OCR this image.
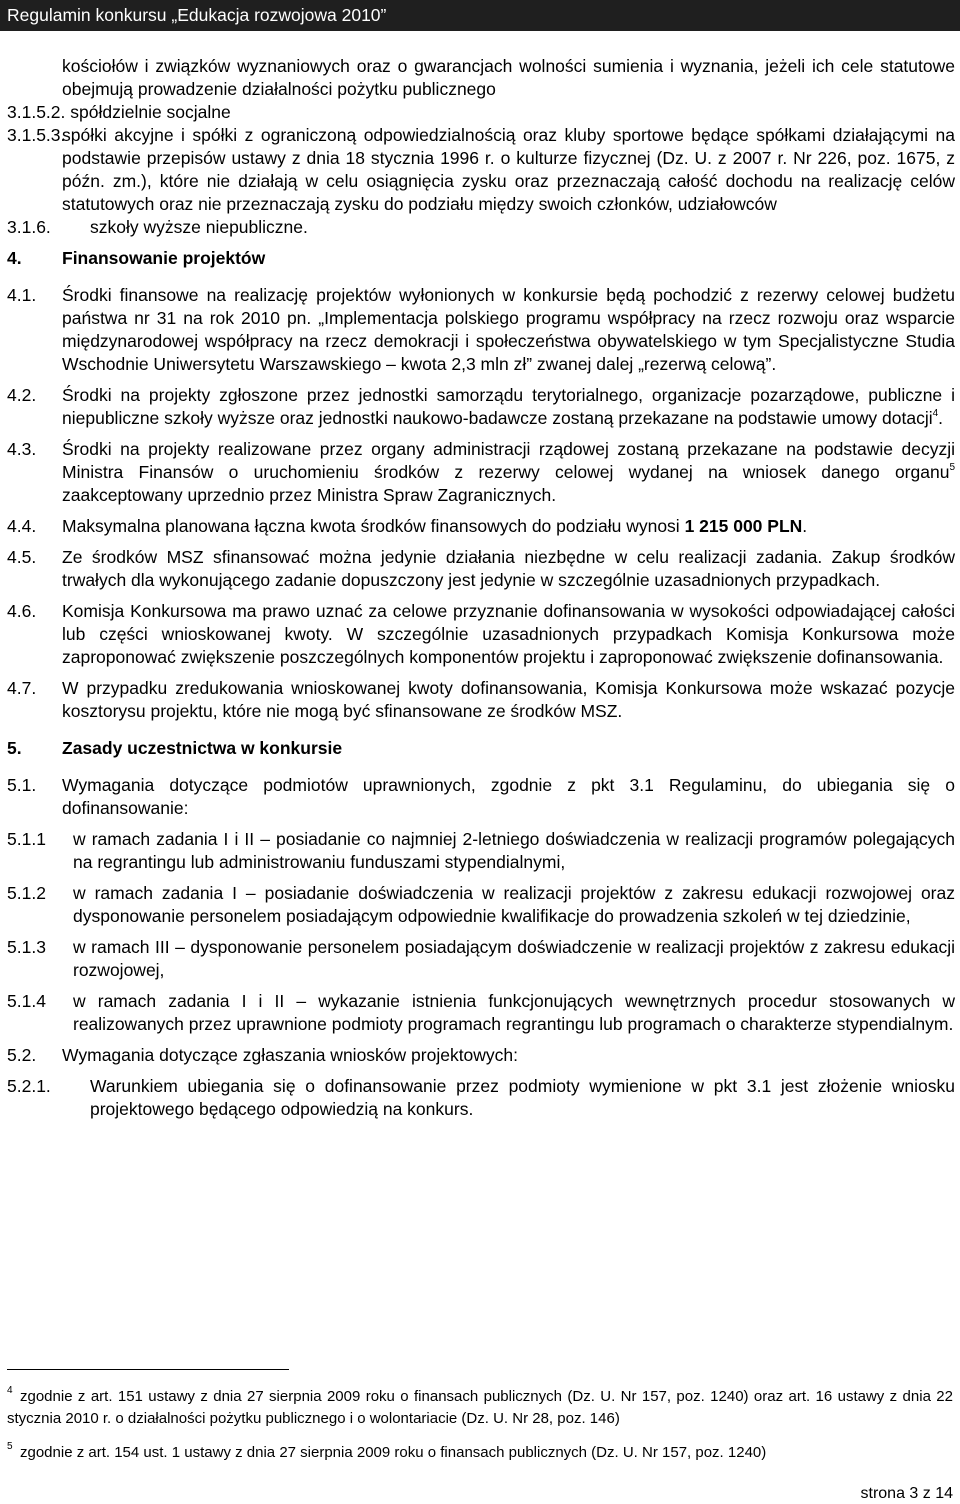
Regulamin konkursu „Edukacja rozwojowa 2010”
kościołów i związków wyznaniowych oraz o gwarancjach wolności sumienia i wyznania, jeżeli ich cele statutowe obejmują prowadzenie działalności pożytku publicznego
3.1.5.2. spółdzielnie socjalne
3.1.5.3.
spółki akcyjne i spółki z ograniczoną odpowiedzialnością oraz kluby sportowe będące spółkami działającymi na podstawie przepisów ustawy z dnia 18 stycznia 1996 r. o kulturze fizycznej (Dz. U. z 2007 r. Nr 226, poz. 1675, z późn. zm.), które nie działają w celu osiągnięcia zysku oraz przeznaczają całość dochodu na realizację celów statutowych oraz nie przeznaczają zysku do podziału między swoich członków, udziałowców
3.1.6.	szkoły wyższe niepubliczne.
4.	Finansowanie projektów
4.1.	Środki finansowe na realizację projektów wyłonionych w konkursie będą pochodzić z rezerwy celowej budżetu państwa nr 31 na rok 2010 pn. „Implementacja polskiego programu współpracy na rzecz rozwoju oraz wsparcie międzynarodowej współpracy na rzecz demokracji i społeczeństwa obywatelskiego w tym Specjalistyczne Studia Wschodnie Uniwersytetu Warszawskiego – kwota 2,3 mln zł” zwanej dalej „rezerwą celową”.
4.2.	Środki na projekty zgłoszone przez jednostki samorządu terytorialnego, organizacje pozarządowe, publiczne i niepubliczne szkoły wyższe oraz jednostki naukowo-badawcze zostaną przekazane na podstawie umowy dotacji$^4$.
4.3.	Środki na projekty realizowane przez organy administracji rządowej zostaną przekazane na podstawie decyzji Ministra Finansów o uruchomieniu środków z rezerwy celowej wydanej na wniosek danego organu$^5$ zaakceptowany uprzednio przez Ministra Spraw Zagranicznych.
4.4.	Maksymalna planowana łączna kwota środków finansowych do podziału wynosi 1 215 000 PLN.
4.5.	Ze środków MSZ sfinansować można jedynie działania niezbędne w celu realizacji zadania. Zakup środków trwałych dla wykonującego zadanie dopuszczony jest jedynie w szczególnie uzasadnionych przypadkach.
4.6.	Komisja Konkursowa ma prawo uznać za celowe przyznanie dofinansowania w wysokości odpowiadającej całości lub części wnioskowanej kwoty. W szczególnie uzasadnionych przypadkach Komisja Konkursowa może zaproponować zwiększenie poszczególnych komponentów projektu i zaproponować zwiększenie dofinansowania.
4.7.	W przypadku zredukowania wnioskowanej kwoty dofinansowania, Komisja Konkursowa może wskazać pozycje kosztorysu projektu, które nie mogą być sfinansowane ze środków MSZ.
5.	Zasady uczestnictwa w konkursie
5.1.	Wymagania dotyczące podmiotów uprawnionych, zgodnie z pkt 3.1 Regulaminu, do ubiegania się o dofinansowanie:
5.1.1	w ramach zadania I i II – posiadanie co najmniej 2-letniego doświadczenia w realizacji programów polegających na regrantingu lub administrowaniu funduszami stypendialnymi,
5.1.2	w ramach zadania I – posiadanie doświadczenia w realizacji projektów z zakresu edukacji rozwojowej oraz dysponowanie personelem posiadającym odpowiednie kwalifikacje do prowadzenia szkoleń w tej dziedzinie,
5.1.3	w ramach III – dysponowanie personelem posiadającym doświadczenie w realizacji projektów z zakresu edukacji rozwojowej,
5.1.4	w ramach zadania I i II – wykazanie istnienia funkcjonujących wewnętrznych procedur stosowanych w realizowanych przez uprawnione podmioty programach regrantingu lub programach o charakterze stypendialnym.
5.2.	Wymagania dotyczące zgłaszania wniosków projektowych:
5.2.1.	Warunkiem ubiegania się o dofinansowanie przez podmioty wymienione w pkt 3.1 jest złożenie wniosku projektowego będącego odpowiedzią na konkurs.
4 zgodnie z art. 151 ustawy z dnia 27 sierpnia 2009 roku o finansach publicznych (Dz. U. Nr 157, poz. 1240) oraz art. 16 ustawy z dnia 22 stycznia 2010 r. o działalności pożytku publicznego i o wolontariacie (Dz. U. Nr 28, poz. 146)
5 zgodnie z art. 154 ust. 1 ustawy z dnia 27 sierpnia 2009 roku o finansach publicznych (Dz. U. Nr 157, poz. 1240)
strona 3 z 14
